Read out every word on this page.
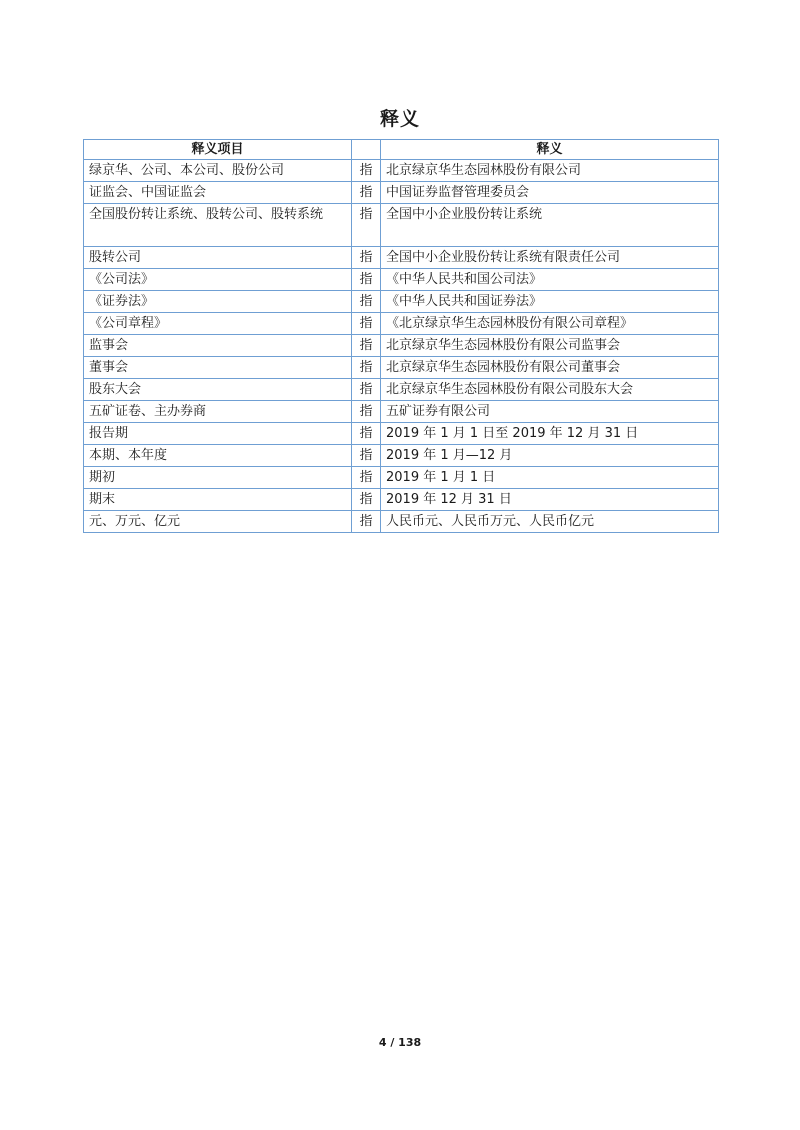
释义
释义项目		释义
绿京华、公司、本公司、股份公司	指	北京绿京华生态园林股份有限公司
证监会、中国证监会	指	中国证券监督管理委员会
全国股份转让系统、股转公司、股转系统	指	全国中小企业股份转让系统
股转公司	指	全国中小企业股份转让系统有限责任公司
《公司法》	指	《中华人民共和国公司法》
《证券法》	指	《中华人民共和国证券法》
《公司章程》	指	《北京绿京华生态园林股份有限公司章程》
监事会	指	北京绿京华生态园林股份有限公司监事会
董事会	指	北京绿京华生态园林股份有限公司董事会
股东大会	指	北京绿京华生态园林股份有限公司股东大会
五矿证卷、主办券商	指	五矿证券有限公司
报告期	指	2019 年 1 月 1 日至 2019 年 12 月 31 日
本期、本年度	指	2019 年 1 月—12 月
期初	指	2019 年 1 月 1 日
期末	指	2019 年 12 月 31 日
元、万元、亿元	指	人民币元、人民币万元、人民币亿元
4 / 138
